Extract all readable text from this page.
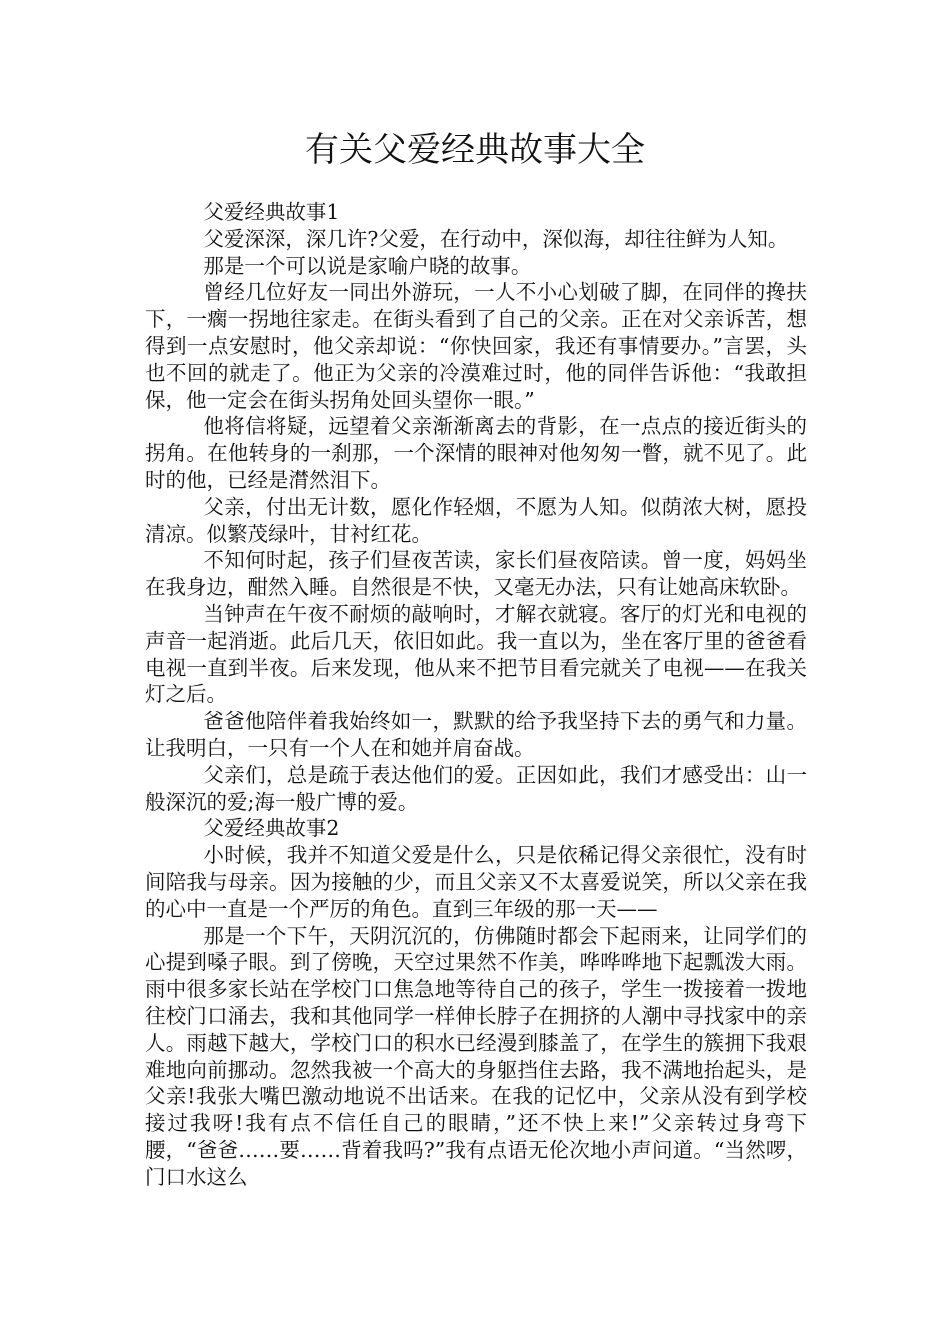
有关父爱经典故事大全

父爱经典故事1

父爱深深，深几许?父爱，在行动中，深似海，却往往鲜为人知。

那是一个可以说是家喻户晓的故事。

曾经几位好友一同出外游玩，一人不小心划破了脚，在同伴的搀扶下，一瘸一拐地往家走。在街头看到了自己的父亲。正在对父亲诉苦，想得到一点安慰时，他父亲却说：“你快回家，我还有事情要办。”言罢，头也不回的就走了。他正为父亲的冷漠难过时，他的同伴告诉他：“我敢担保，他一定会在街头拐角处回头望你一眼。”

他将信将疑，远望着父亲渐渐离去的背影，在一点点的接近街头的拐角。在他转身的一刹那，一个深情的眼神对他匆匆一瞥，就不见了。此时的他，已经是潸然泪下。

父亲，付出无计数，愿化作轻烟，不愿为人知。似荫浓大树，愿投清凉。似繁茂绿叶，甘衬红花。

不知何时起，孩子们昼夜苦读，家长们昼夜陪读。曾一度，妈妈坐在我身边，酣然入睡。自然很是不快，又毫无办法，只有让她高床软卧。

当钟声在午夜不耐烦的敲响时，才解衣就寝。客厅的灯光和电视的声音一起消逝。此后几天，依旧如此。我一直以为，坐在客厅里的爸爸看电视一直到半夜。后来发现，他从来不把节目看完就关了电视——在我关灯之后。

爸爸他陪伴着我始终如一，默默的给予我坚持下去的勇气和力量。让我明白，一只有一个人在和她并肩奋战。

父亲们，总是疏于表达他们的爱。正因如此，我们才感受出：山一般深沉的爱;海一般广博的爱。

父爱经典故事2

小时候，我并不知道父爱是什么，只是依稀记得父亲很忙，没有时间陪我与母亲。因为接触的少，而且父亲又不太喜爱说笑，所以父亲在我的心中一直是一个严厉的角色。直到三年级的那一天——

那是一个下午，天阴沉沉的，仿佛随时都会下起雨来，让同学们的心提到嗓子眼。到了傍晚，天空过果然不作美，哗哗哗地下起瓢泼大雨。雨中很多家长站在学校门口焦急地等待自己的孩子，学生一拨接着一拨地往校门口涌去，我和其他同学一样伸长脖子在拥挤的人潮中寻找家中的亲人。雨越下越大，学校门口的积水已经漫到膝盖了，在学生的簇拥下我艰难地向前挪动。忽然我被一个高大的身躯挡住去路，我不满地抬起头，是父亲!我张大嘴巴激动地说不出话来。在我的记忆中，父亲从没有到学校接过我呀!我有点不信任自己的眼睛，”还不快上来!”父亲转过身弯下腰，“爸爸……要……背着我吗?”我有点语无伦次地小声问道。“当然啰，门口水这么
